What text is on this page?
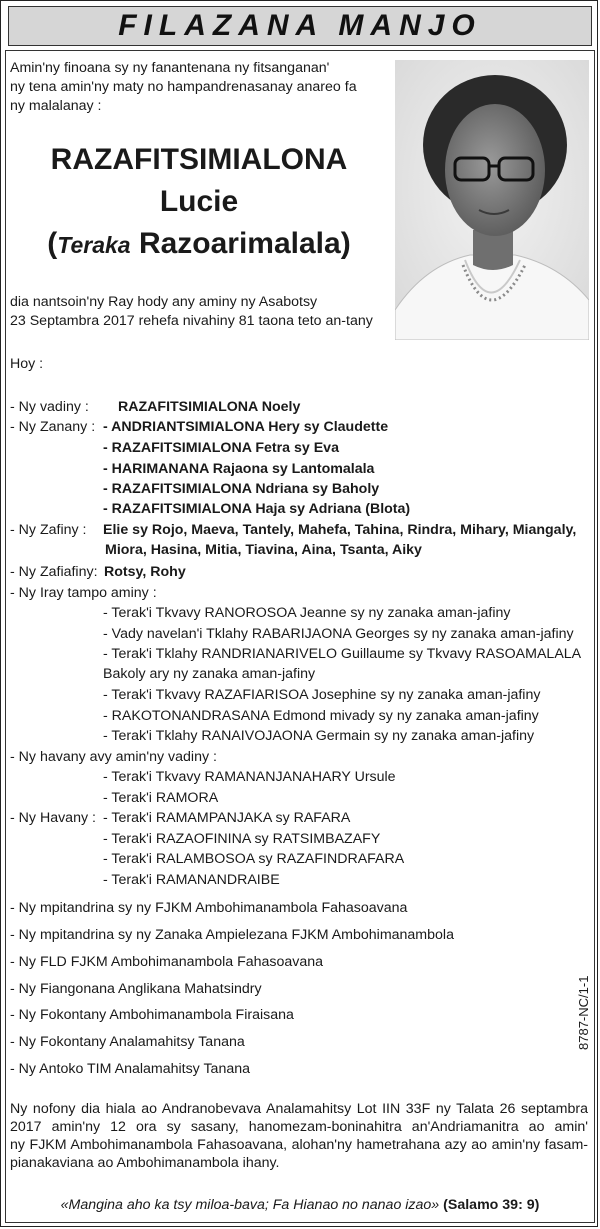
FILAZANA MANJO
Amin'ny finoana sy ny fanantenana ny fitsanganan'
ny tena amin'ny maty no hampandrenasanay anareo fa
ny malalanay :
RAZAFITSIMIALONA
Lucie
(Teraka Razoarimalala)
dia nantsoin'ny Ray hody any aminy ny Asabotsy
23 Septambra 2017 rehefa nivahiny 81 taona teto an-tany
Hoy :
- Ny vadiny : RAZAFITSIMIALONA Noely
- Ny Zanany : - ANDRIANTSIMIALONA Hery sy Claudette
- RAZAFITSIMIALONA Fetra sy Eva
- HARIMANANA Rajaona sy Lantomalala
- RAZAFITSIMIALONA Ndriana sy Baholy
- RAZAFITSIMIALONA Haja sy Adriana (Blota)
- Ny Zafiny : Elie sy Rojo, Maeva, Tantely, Mahefa, Tahina, Rindra, Mihary, Miangaly,
Miora, Hasina, Mitia, Tiavina, Aina, Tsanta, Aiky
- Ny Zafiafiny: Rotsy, Rohy
- Ny Iray tampo aminy :
- Terak'i Tkvavy RANOROSOA Jeanne sy ny zanaka aman-jafiny
- Vady navelan'i Tklahy RABARIJAONA Georges sy ny zanaka aman-jafiny
- Terak'i Tklahy RANDRIANARIVELO Guillaume sy Tkvavy RASOAMALALA
Bakoly ary ny zanaka aman-jafiny
- Terak'i Tkvavy RAZAFIARISOA Josephine sy ny zanaka aman-jafiny
- RAKOTONANDRASANA Edmond mivady sy ny zanaka aman-jafiny
- Terak'i Tklahy RANAIVOJAONA Germain sy ny zanaka aman-jafiny
- Ny havany avy amin'ny vadiny :
- Terak'i Tkvavy RAMANANJANAHARY Ursule
- Terak'i RAMORA
- Ny Havany : - Terak'i RAMAMPANJAKA sy RAFARA
- Terak'i RAZAOFININA sy RATSIMBAZAFY
- Terak'i RALAMBOSOA sy RAZAFINDRAFARA
- Terak'i RAMANANDRAIBE
- Ny mpitandrina sy ny FJKM Ambohimanambola Fahasoavana
- Ny mpitandrina sy ny Zanaka Ampielezana FJKM Ambohimanambola
- Ny FLD FJKM Ambohimanambola Fahasoavana
- Ny Fiangonana Anglikana Mahatsindry
- Ny Fokontany Ambohimanambola Firaisana
- Ny Fokontany Analamahitsy Tanana
- Ny Antoko TIM Analamahitsy Tanana
8787-NC/1-1
Ny nofony dia hiala ao Andranobevava Analamahitsy Lot IIN 33F ny Talata 26 septambra
2017 amin'ny 12 ora sy sasany, hanomezam-boninahitra an'Andriamanitra ao amin'
ny FJKM Ambohimanambola Fahasoavana, alohan'ny hametrahana azy ao amin'ny fasam-
pianakaviana ao Ambohimanambola ihany.
«Mangina aho ka tsy miloa-bava; Fa Hianao no nanao izao» (Salamo 39: 9)
